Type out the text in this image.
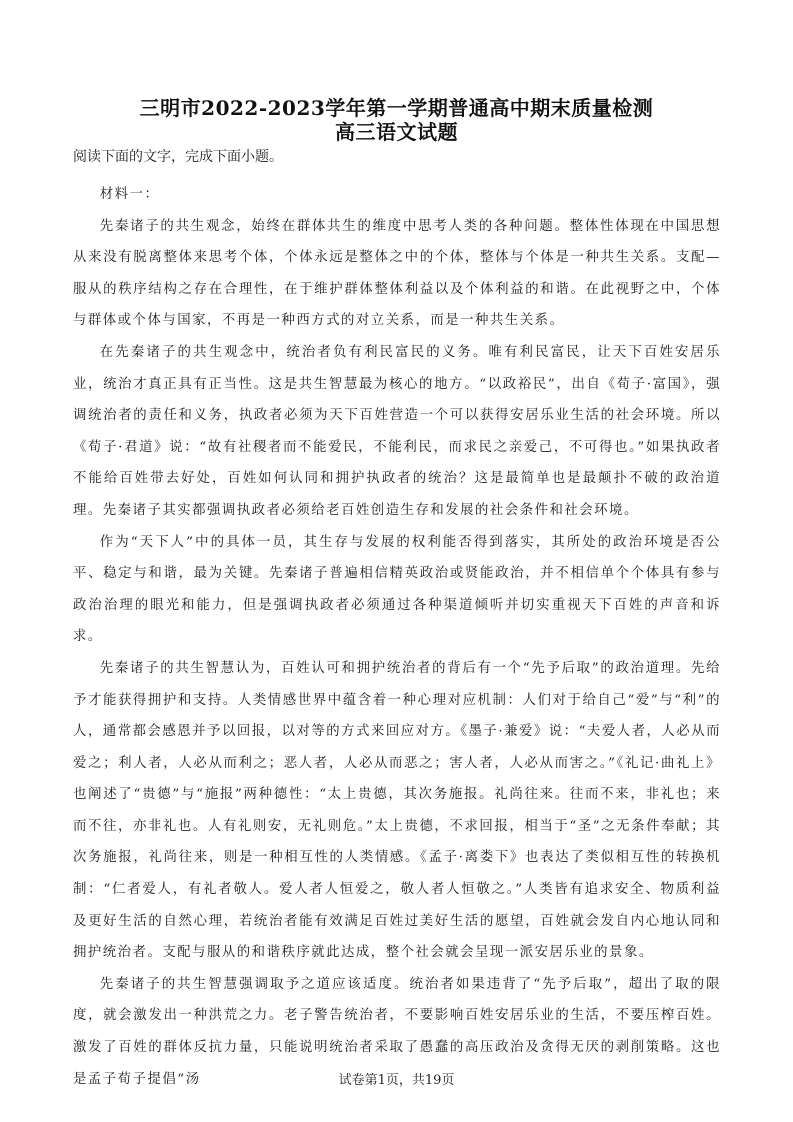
三明市2022-2023学年第一学期普通高中期末质量检测
高三语文试题
阅读下面的文字，完成下面小题。

材料一：

先秦诸子的共生观念，始终在群体共生的维度中思考人类的各种问题。整体性体现在中国思想从来没有脱离整体来思考个体，个体永远是整体之中的个体，整体与个体是一种共生关系。支配—服从的秩序结构之存在合理性，在于维护群体整体利益以及个体利益的和谐。在此视野之中，个体与群体或个体与国家，不再是一种西方式的对立关系，而是一种共生关系。

在先秦诸子的共生观念中，统治者负有利民富民的义务。唯有利民富民，让天下百姓安居乐业，统治才真正具有正当性。这是共生智慧最为核心的地方。“以政裕民”，出自《荀子·富国》，强调统治者的责任和义务，执政者必须为天下百姓营造一个可以获得安居乐业生活的社会环境。所以《荀子·君道》说：“故有社稷者而不能爱民，不能利民，而求民之亲爱己，不可得也。”如果执政者不能给百姓带去好处，百姓如何认同和拥护执政者的统治？这是最简单也是最颠扑不破的政治道理。先秦诸子其实都强调执政者必须给老百姓创造生存和发展的社会条件和社会环境。

作为“天下人”中的具体一员，其生存与发展的权利能否得到落实，其所处的政治环境是否公平、稳定与和谐，最为关键。先秦诸子普遍相信精英政治或贤能政治，并不相信单个个体具有参与政治治理的眼光和能力，但是强调执政者必须通过各种渠道倾听并切实重视天下百姓的声音和诉求。

先秦诸子的共生智慧认为，百姓认可和拥护统治者的背后有一个“先予后取”的政治道理。先给予才能获得拥护和支持。人类情感世界中蕴含着一种心理对应机制：人们对于给自己“爱”与“利”的人，通常都会感恩并予以回报，以对等的方式来回应对方。《墨子·兼爱》说：“夫爱人者，人必从而爱之；利人者，人必从而利之；恶人者，人必从而恶之；害人者，人必从而害之。”《礼记·曲礼上》也阐述了“贵德”与“施报”两种德性：“太上贵德，其次务施报。礼尚往来。往而不来，非礼也；来而不往，亦非礼也。人有礼则安，无礼则危。”太上贵德，不求回报，相当于“圣”之无条件奉献；其次务施报，礼尚往来，则是一种相互性的人类情感。《孟子·离娄下》也表达了类似相互性的转换机制：“仁者爱人，有礼者敬人。爱人者人恒爱之，敬人者人恒敬之。”人类皆有追求安全、物质利益及更好生活的自然心理，若统治者能有效满足百姓过美好生活的愿望，百姓就会发自内心地认同和拥护统治者。支配与服从的和谐秩序就此达成，整个社会就会呈现一派安居乐业的景象。

先秦诸子的共生智慧强调取予之道应该适度。统治者如果违背了“先予后取”，超出了取的限度，就会激发出一种洪荒之力。老子警告统治者，不要影响百姓安居乐业的生活，不要压榨百姓。激发了百姓的群体反抗力量，只能说明统治者采取了愚蠢的高压政治及贪得无厌的剥削策略。这也是孟子荀子提倡“汤	试卷第1页，共19页
